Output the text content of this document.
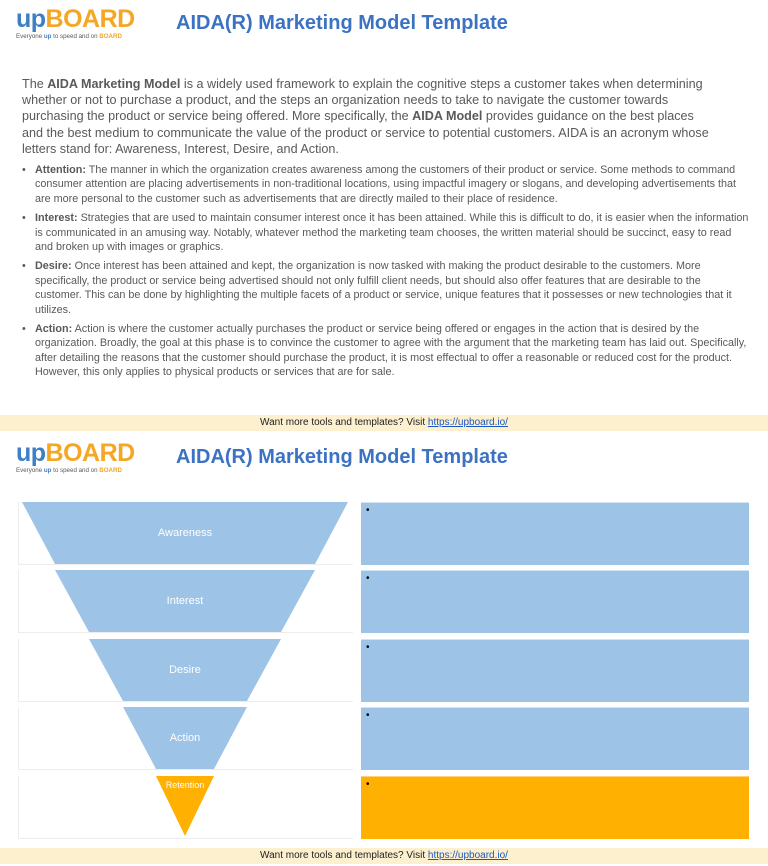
upBOARD
Everyone up to speed and on BOARD
AIDA(R) Marketing Model Template

The AIDA Marketing Model is a widely used framework to explain the cognitive steps a customer takes when determining whether or not to purchase a product, and the steps an organization needs to take to navigate the customer towards purchasing the product or service being offered. More specifically, the AIDA Model provides guidance on the best places and the best medium to communicate the value of the product or service to potential customers. AIDA is an acronym whose letters stand for: Awareness, Interest, Desire, and Action.

• Attention: The manner in which the organization creates awareness among the customers of their product or service. Some methods to command consumer attention are placing advertisements in non-traditional locations, using impactful imagery or slogans, and developing advertisements that are more personal to the customer such as advertisements that are directly mailed to their place of residence.
• Interest: Strategies that are used to maintain consumer interest once it has been attained. While this is difficult to do, it is easier when the information is communicated in an amusing way. Notably, whatever method the marketing team chooses, the written material should be succinct, easy to read and broken up with images or graphics.
• Desire: Once interest has been attained and kept, the organization is now tasked with making the product desirable to the customers. More specifically, the product or service being advertised should not only fulfill client needs, but should also offer features that are desirable to the customer. This can be done by highlighting the multiple facets of a product or service, unique features that it possesses or new technologies that it utilizes.
• Action: Action is where the customer actually purchases the product or service being offered or engages in the action that is desired by the organization. Broadly, the goal at this phase is to convince the customer to agree with the argument that the marketing team has laid out. Specifically, after detailing the reasons that the customer should purchase the product, it is most effectual to offer a reasonable or reduced cost for the product. However, this only applies to physical products or services that are for sale.
Want more tools and templates? Visit https://upboard.io/
upBOARD
Everyone up to speed and on BOARD
AIDA(R) Marketing Model Template
Awareness
Interest
Desire
Action
Retention
•
•
•
•
•
Want more tools and templates? Visit https://upboard.io/
